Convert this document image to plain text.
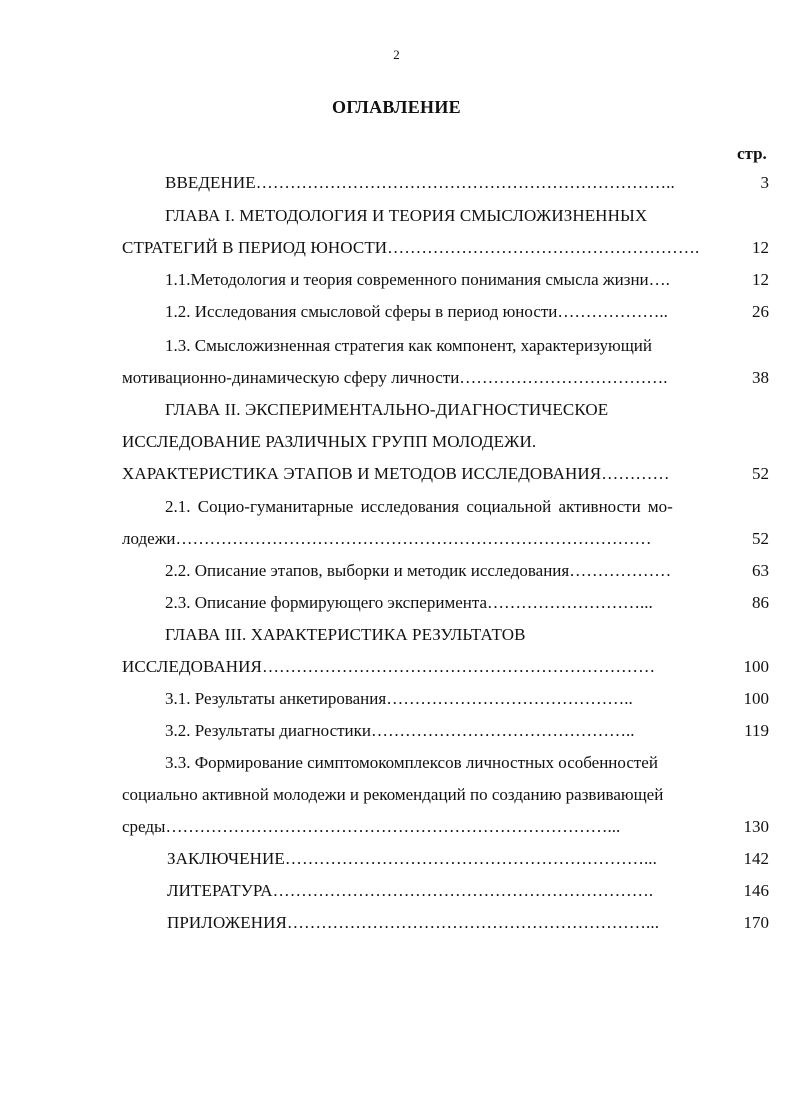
2
ОГЛАВЛЕНИЕ
стр.
ВВЕДЕНИЕ………………………………………………………………..	3
ГЛАВА I. МЕТОДОЛОГИЯ И ТЕОРИЯ СМЫСЛОЖИЗНЕННЫХ
СТРАТЕГИЙ В ПЕРИОД ЮНОСТИ……………………………………………….	12
1.1.Методология и теория современного понимания смысла жизни….	12
1.2. Исследования смысловой сферы в период юности………………..	26
1.3. Смысложизненная стратегия как компонент, характеризующий
мотивационно-динамическую сферу личности……………………………….	38
ГЛАВА II. ЭКСПЕРИМЕНТАЛЬНО-ДИАГНОСТИЧЕСКОЕ
ИССЛЕДОВАНИЕ РАЗЛИЧНЫХ ГРУПП МОЛОДЕЖИ.
ХАРАКТЕРИСТИКА ЭТАПОВ И МЕТОДОВ ИССЛЕДОВАНИЯ…………	52
2.1. Социо-гуманитарные исследования социальной активности мо-
лодежи…………………………………………………………………………	52
2.2. Описание этапов, выборки и методик исследования………………	63
2.3. Описание формирующего эксперимента………………………...	86
ГЛАВА III. ХАРАКТЕРИСТИКА РЕЗУЛЬТАТОВ
ИССЛЕДОВАНИЯ……………………………………………………………	100
3.1. Результаты анкетирования……………………………………..	100
3.2. Результаты диагностики………………………………………..	119
3.3. Формирование симптомокомплексов личностных особенностей
социально активной молодежи и рекомендаций по созданию развивающей
среды……………………………………………………………………...	130
ЗАКЛЮЧЕНИЕ………………………………………………………...	142
ЛИТЕРАТУРА………………………………………………………….	146
ПРИЛОЖЕНИЯ………………………………………………………...	170
